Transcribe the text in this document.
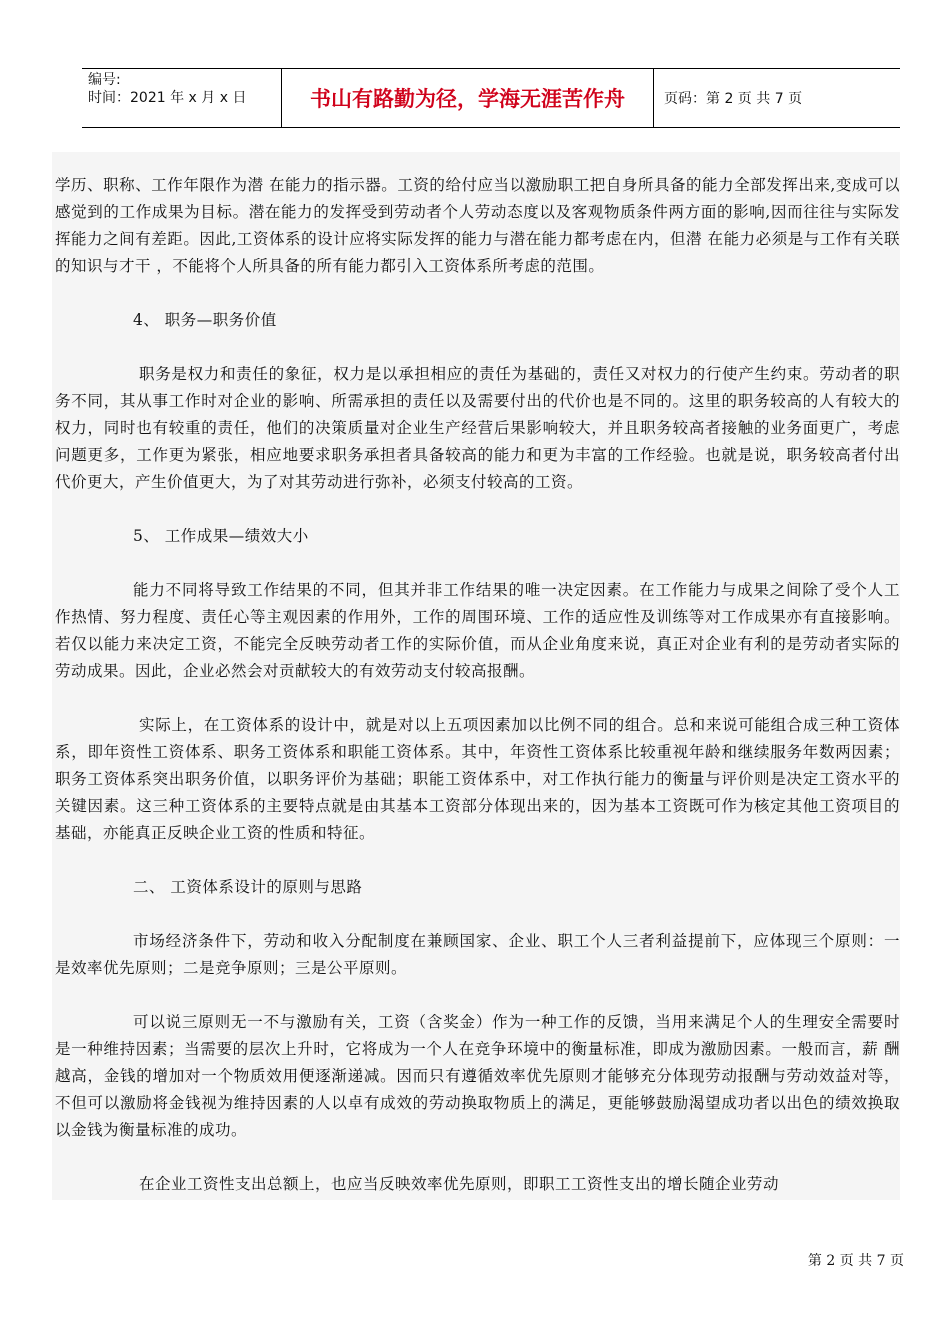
编号:
时间：2021 年 x 月 x 日	书山有路勤为径，学海无涯苦作舟	页码：第 2 页 共 7 页

学历、职称、工作年限作为潜 在能力的指示器。工资的给付应当以激励职工把自身所具备的能力全部发挥出来,变成可以感觉到的工作成果为目标。潜在能力的发挥受到劳动者个人劳动态度以及客观物质条件两方面的影响,因而往往与实际发挥能力之间有差距。因此,工资体系的设计应将实际发挥的能力与潜在能力都考虑在内，但潜 在能力必须是与工作有关联的知识与才干 ，不能将个人所具备的所有能力都引入工资体系所考虑的范围。

4、 职务—职务价值

职务是权力和责任的象征，权力是以承担相应的责任为基础的，责任又对权力的行使产生约束。劳动者的职务不同，其从事工作时对企业的影响、所需承担的责任以及需要付出的代价也是不同的。这里的职务较高的人有较大的权力，同时也有较重的责任，他们的决策质量对企业生产经营后果影响较大，并且职务较高者接触的业务面更广，考虑问题更多，工作更为紧张，相应地要求职务承担者具备较高的能力和更为丰富的工作经验。也就是说，职务较高者付出代价更大，产生价值更大，为了对其劳动进行弥补，必须支付较高的工资。

5、 工作成果—绩效大小

能力不同将导致工作结果的不同，但其并非工作结果的唯一决定因素。在工作能力与成果之间除了受个人工作热情、努力程度、责任心等主观因素的作用外，工作的周围环境、工作的适应性及训练等对工作成果亦有直接影响。若仅以能力来决定工资，不能完全反映劳动者工作的实际价值，而从企业角度来说，真正对企业有利的是劳动者实际的劳动成果。因此，企业必然会对贡献较大的有效劳动支付较高报酬。

实际上，在工资体系的设计中，就是对以上五项因素加以比例不同的组合。总和来说可能组合成三种工资体系，即年资性工资体系、职务工资体系和职能工资体系。其中，年资性工资体系比较重视年龄和继续服务年数两因素；职务工资体系突出职务价值，以职务评价为基础；职能工资体系中，对工作执行能力的衡量与评价则是决定工资水平的关键因素。这三种工资体系的主要特点就是由其基本工资部分体现出来的，因为基本工资既可作为核定其他工资项目的基础，亦能真正反映企业工资的性质和特征。

二、 工资体系设计的原则与思路

市场经济条件下，劳动和收入分配制度在兼顾国家、企业、职工个人三者利益提前下，应体现三个原则：一是效率优先原则；二是竞争原则；三是公平原则。

可以说三原则无一不与激励有关，工资（含奖金）作为一种工作的反馈，当用来满足个人的生理安全需要时是一种维持因素；当需要的层次上升时，它将成为一个人在竞争环境中的衡量标准，即成为激励因素。一般而言，薪 酬越高，金钱的增加对一个物质效用便逐渐递减。因而只有遵循效率优先原则才能够充分体现劳动报酬与劳动效益对等，不但可以激励将金钱视为维持因素的人以卓有成效的劳动换取物质上的满足，更能够鼓励渴望成功者以出色的绩效换取以金钱为衡量标准的成功。

在企业工资性支出总额上，也应当反映效率优先原则，即职工工资性支出的增长随企业劳动

第 2 页 共 7 页
